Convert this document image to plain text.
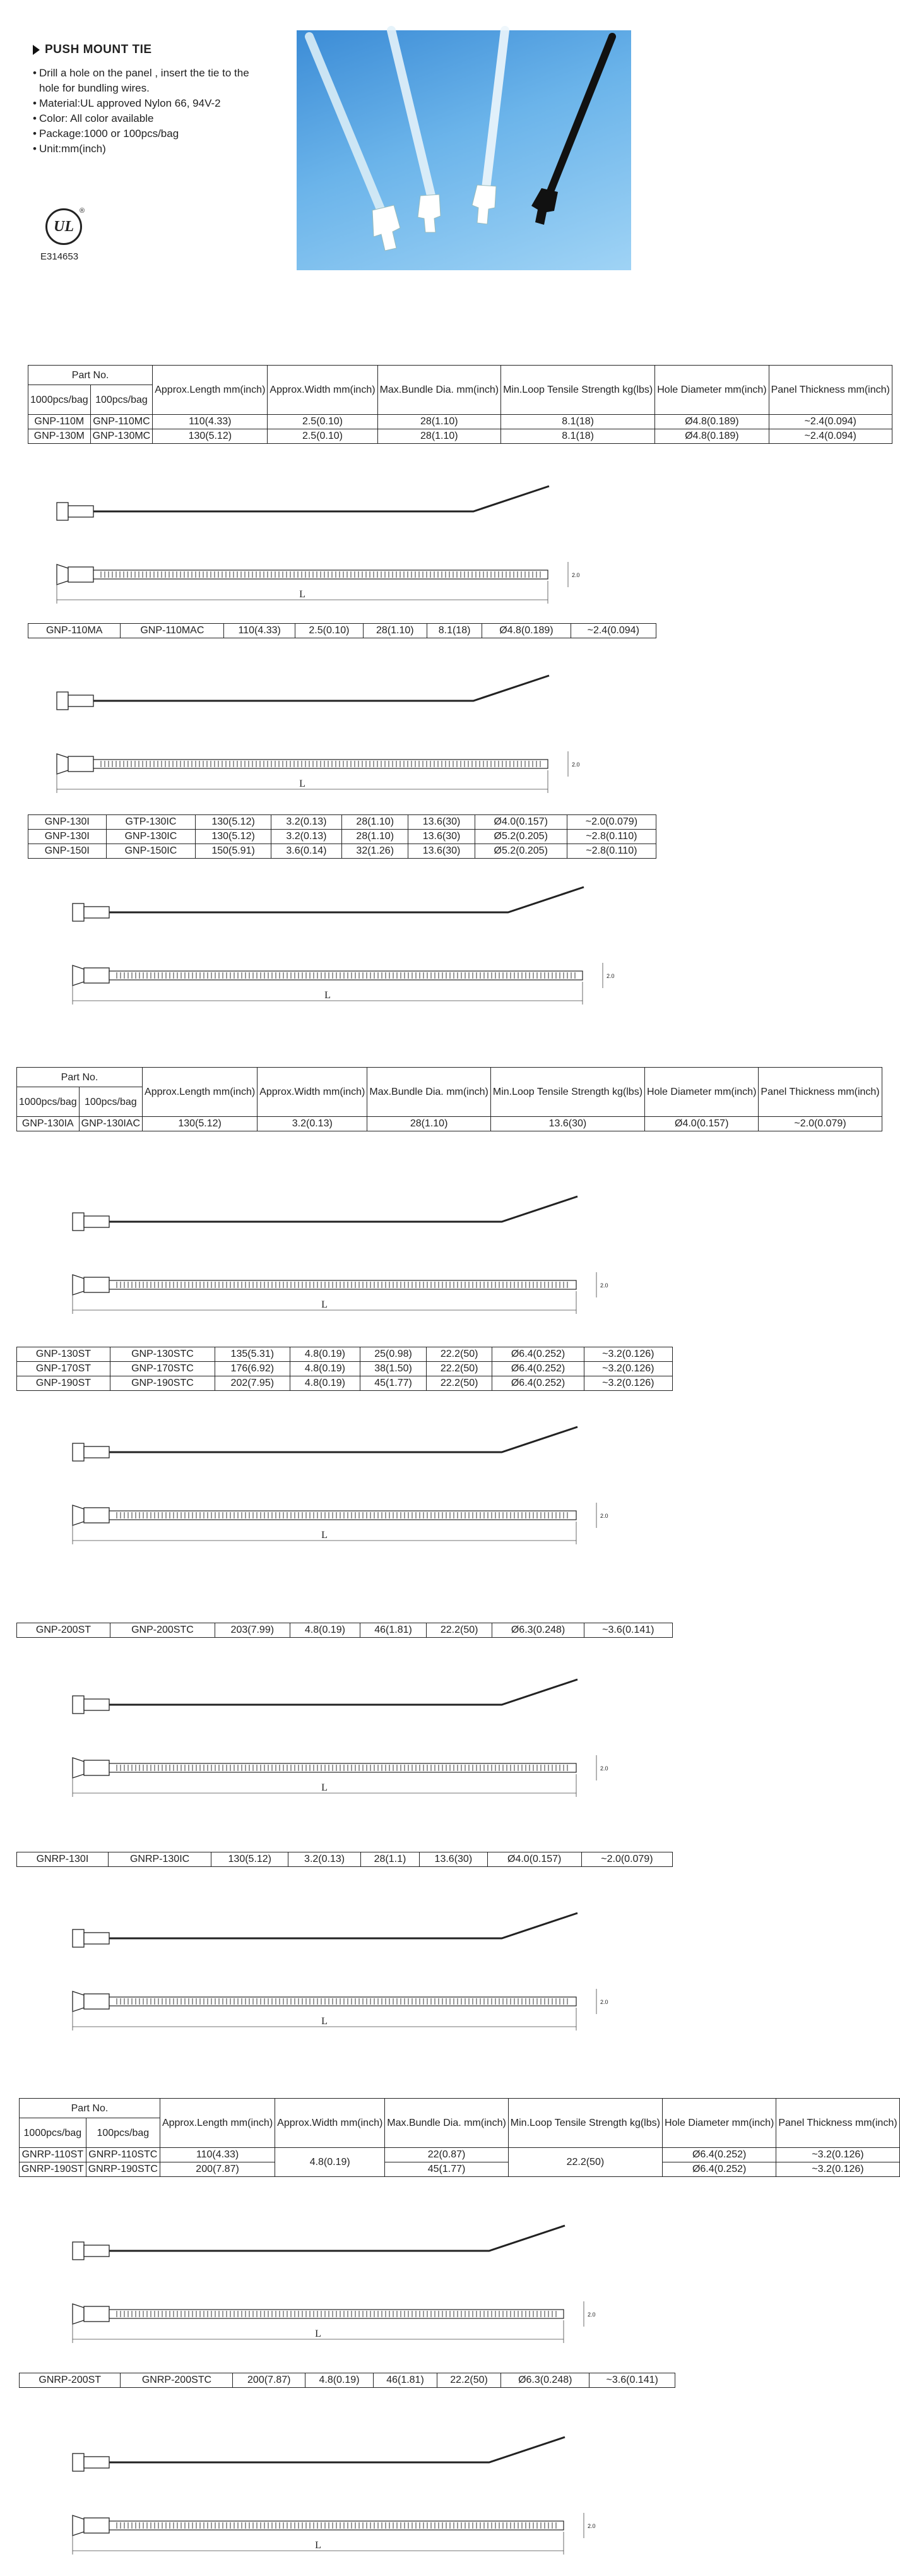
PUSH MOUNT TIE
• Drill a hole on the panel , insert the tie to the hole for bundling wires.
• Material:UL approved Nylon 66, 94V-2
• Color: All color available
• Package:1000 or 100pcs/bag
• Unit:mm(inch)
UL
®
E314653
Part No.		Approx.Length mm(inch)	Approx.Width mm(inch)	Max.Bundle Dia. mm(inch)	Min.Loop Tensile Strength kg(lbs)	Hole Diameter mm(inch)	Panel Thickness mm(inch)
1000pcs/bag	100pcs/bag						
GNP-110M	GNP-110MC	110(4.33)	2.5(0.10)	28(1.10)	8.1(18)	Ø4.8(0.189)	~2.4(0.094)
GNP-130M	GNP-130MC	130(5.12)	2.5(0.10)	28(1.10)	8.1(18)	Ø4.8(0.189)	~2.4(0.094)
L
2.0
GNP-110MA	GNP-110MAC	110(4.33)	2.5(0.10)	28(1.10)	8.1(18)	Ø4.8(0.189)	~2.4(0.094)
L
2.0
GNP-130I	GTP-130IC	130(5.12)	3.2(0.13)	28(1.10)	13.6(30)	Ø4.0(0.157)	~2.0(0.079)
GNP-130I	GNP-130IC	130(5.12)	3.2(0.13)	28(1.10)	13.6(30)	Ø5.2(0.205)	~2.8(0.110)
GNP-150I	GNP-150IC	150(5.91)	3.6(0.14)	32(1.26)	13.6(30)	Ø5.2(0.205)	~2.8(0.110)
L
2.0
Part No.		Approx.Length mm(inch)	Approx.Width mm(inch)	Max.Bundle Dia. mm(inch)	Min.Loop Tensile Strength kg(lbs)	Hole Diameter mm(inch)	Panel Thickness mm(inch)
1000pcs/bag	100pcs/bag						
GNP-130IA	GNP-130IAC	130(5.12)	3.2(0.13)	28(1.10)	13.6(30)	Ø4.0(0.157)	~2.0(0.079)
L
2.0
GNP-130ST	GNP-130STC	135(5.31)	4.8(0.19)	25(0.98)	22.2(50)	Ø6.4(0.252)	~3.2(0.126)
GNP-170ST	GNP-170STC	176(6.92)	4.8(0.19)	38(1.50)	22.2(50)	Ø6.4(0.252)	~3.2(0.126)
GNP-190ST	GNP-190STC	202(7.95)	4.8(0.19)	45(1.77)	22.2(50)	Ø6.4(0.252)	~3.2(0.126)
L
2.0
GNP-200ST	GNP-200STC	203(7.99)	4.8(0.19)	46(1.81)	22.2(50)	Ø6.3(0.248)	~3.6(0.141)
L
2.0
GNRP-130I	GNRP-130IC	130(5.12)	3.2(0.13)	28(1.1)	13.6(30)	Ø4.0(0.157)	~2.0(0.079)
L
2.0
Part No.		Approx.Length mm(inch)	Approx.Width mm(inch)	Max.Bundle Dia. mm(inch)	Min.Loop Tensile Strength kg(lbs)	Hole Diameter mm(inch)	Panel Thickness mm(inch)
1000pcs/bag	100pcs/bag						
GNRP-110ST	GNRP-110STC	110(4.33)	4.8(0.19)	22(0.87)	22.2(50)	Ø6.4(0.252)	~3.2(0.126)
GNRP-190ST	GNRP-190STC	200(7.87)		45(1.77)		Ø6.4(0.252)	~3.2(0.126)
L
2.0
GNRP-200ST	GNRP-200STC	200(7.87)	4.8(0.19)	46(1.81)	22.2(50)	Ø6.3(0.248)	~3.6(0.141)
L
2.0
